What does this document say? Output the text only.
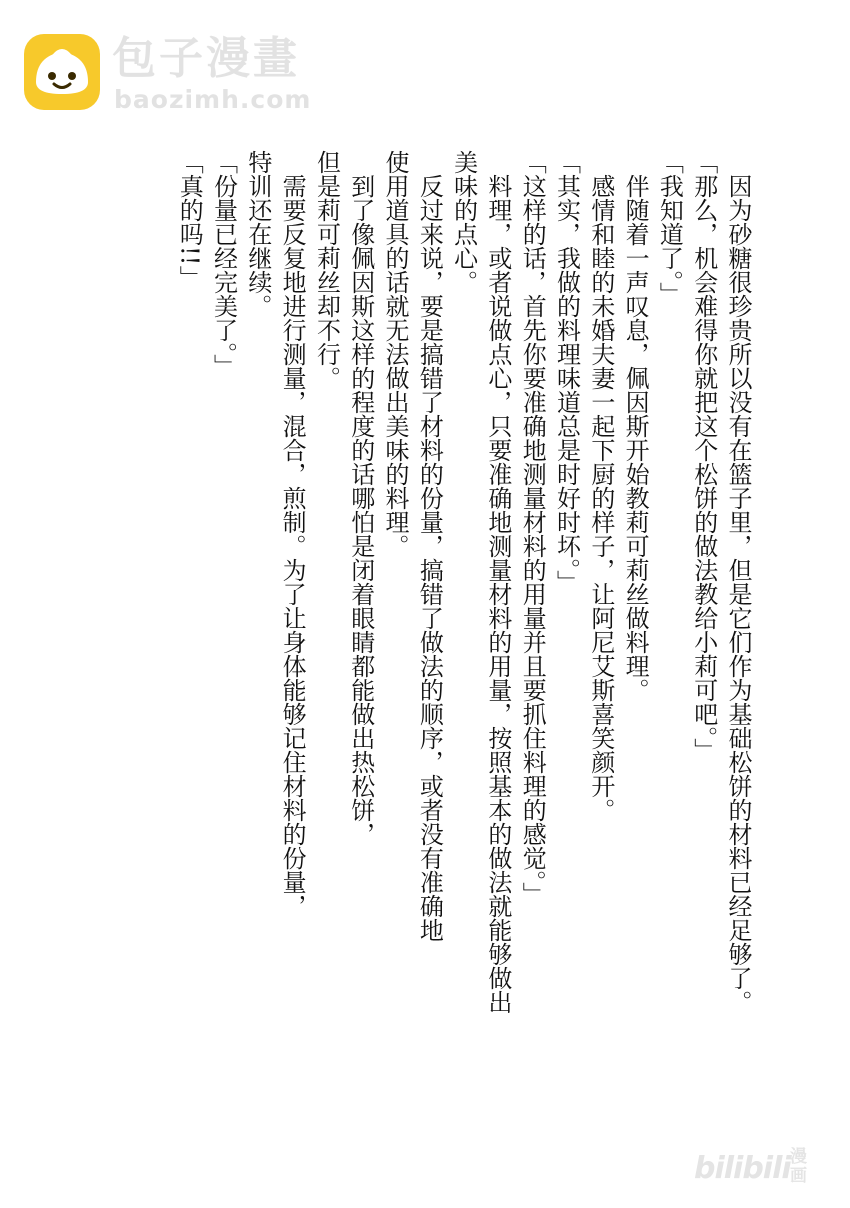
包子漫畫
baozimh.com

因为砂糖很珍贵所以没有在篮子里，但是它们作为基础松饼的材料已经足够了。

「那么，机会难得你就把这个松饼的做法教给小莉可吧。」

「我知道了。」

伴随着一声叹息，佩因斯开始教莉可莉丝做料理。

感情和睦的未婚夫妻一起下厨的样子，让阿尼艾斯喜笑颜开。

「其实，我做的料理味道总是时好时坏。」

「这样的话，首先你要准确地测量材料的用量并且要抓住料理的感觉。」

料理，或者说做点心，只要准确地测量材料的用量，按照基本的做法就能够做出

美味的点心。

反过来说，要是搞错了材料的份量，搞错了做法的顺序，或者没有准确地

使用道具的话就无法做出美味的料理。

到了像佩因斯这样的程度的话哪怕是闭着眼睛都能做出热松饼，

但是莉可莉丝却不行。

需要反复地进行测量，混合，煎制。为了让身体能够记住材料的份量，

特训还在继续。

「份量已经完美了。」

「真的吗!!」

bilibili 漫画
